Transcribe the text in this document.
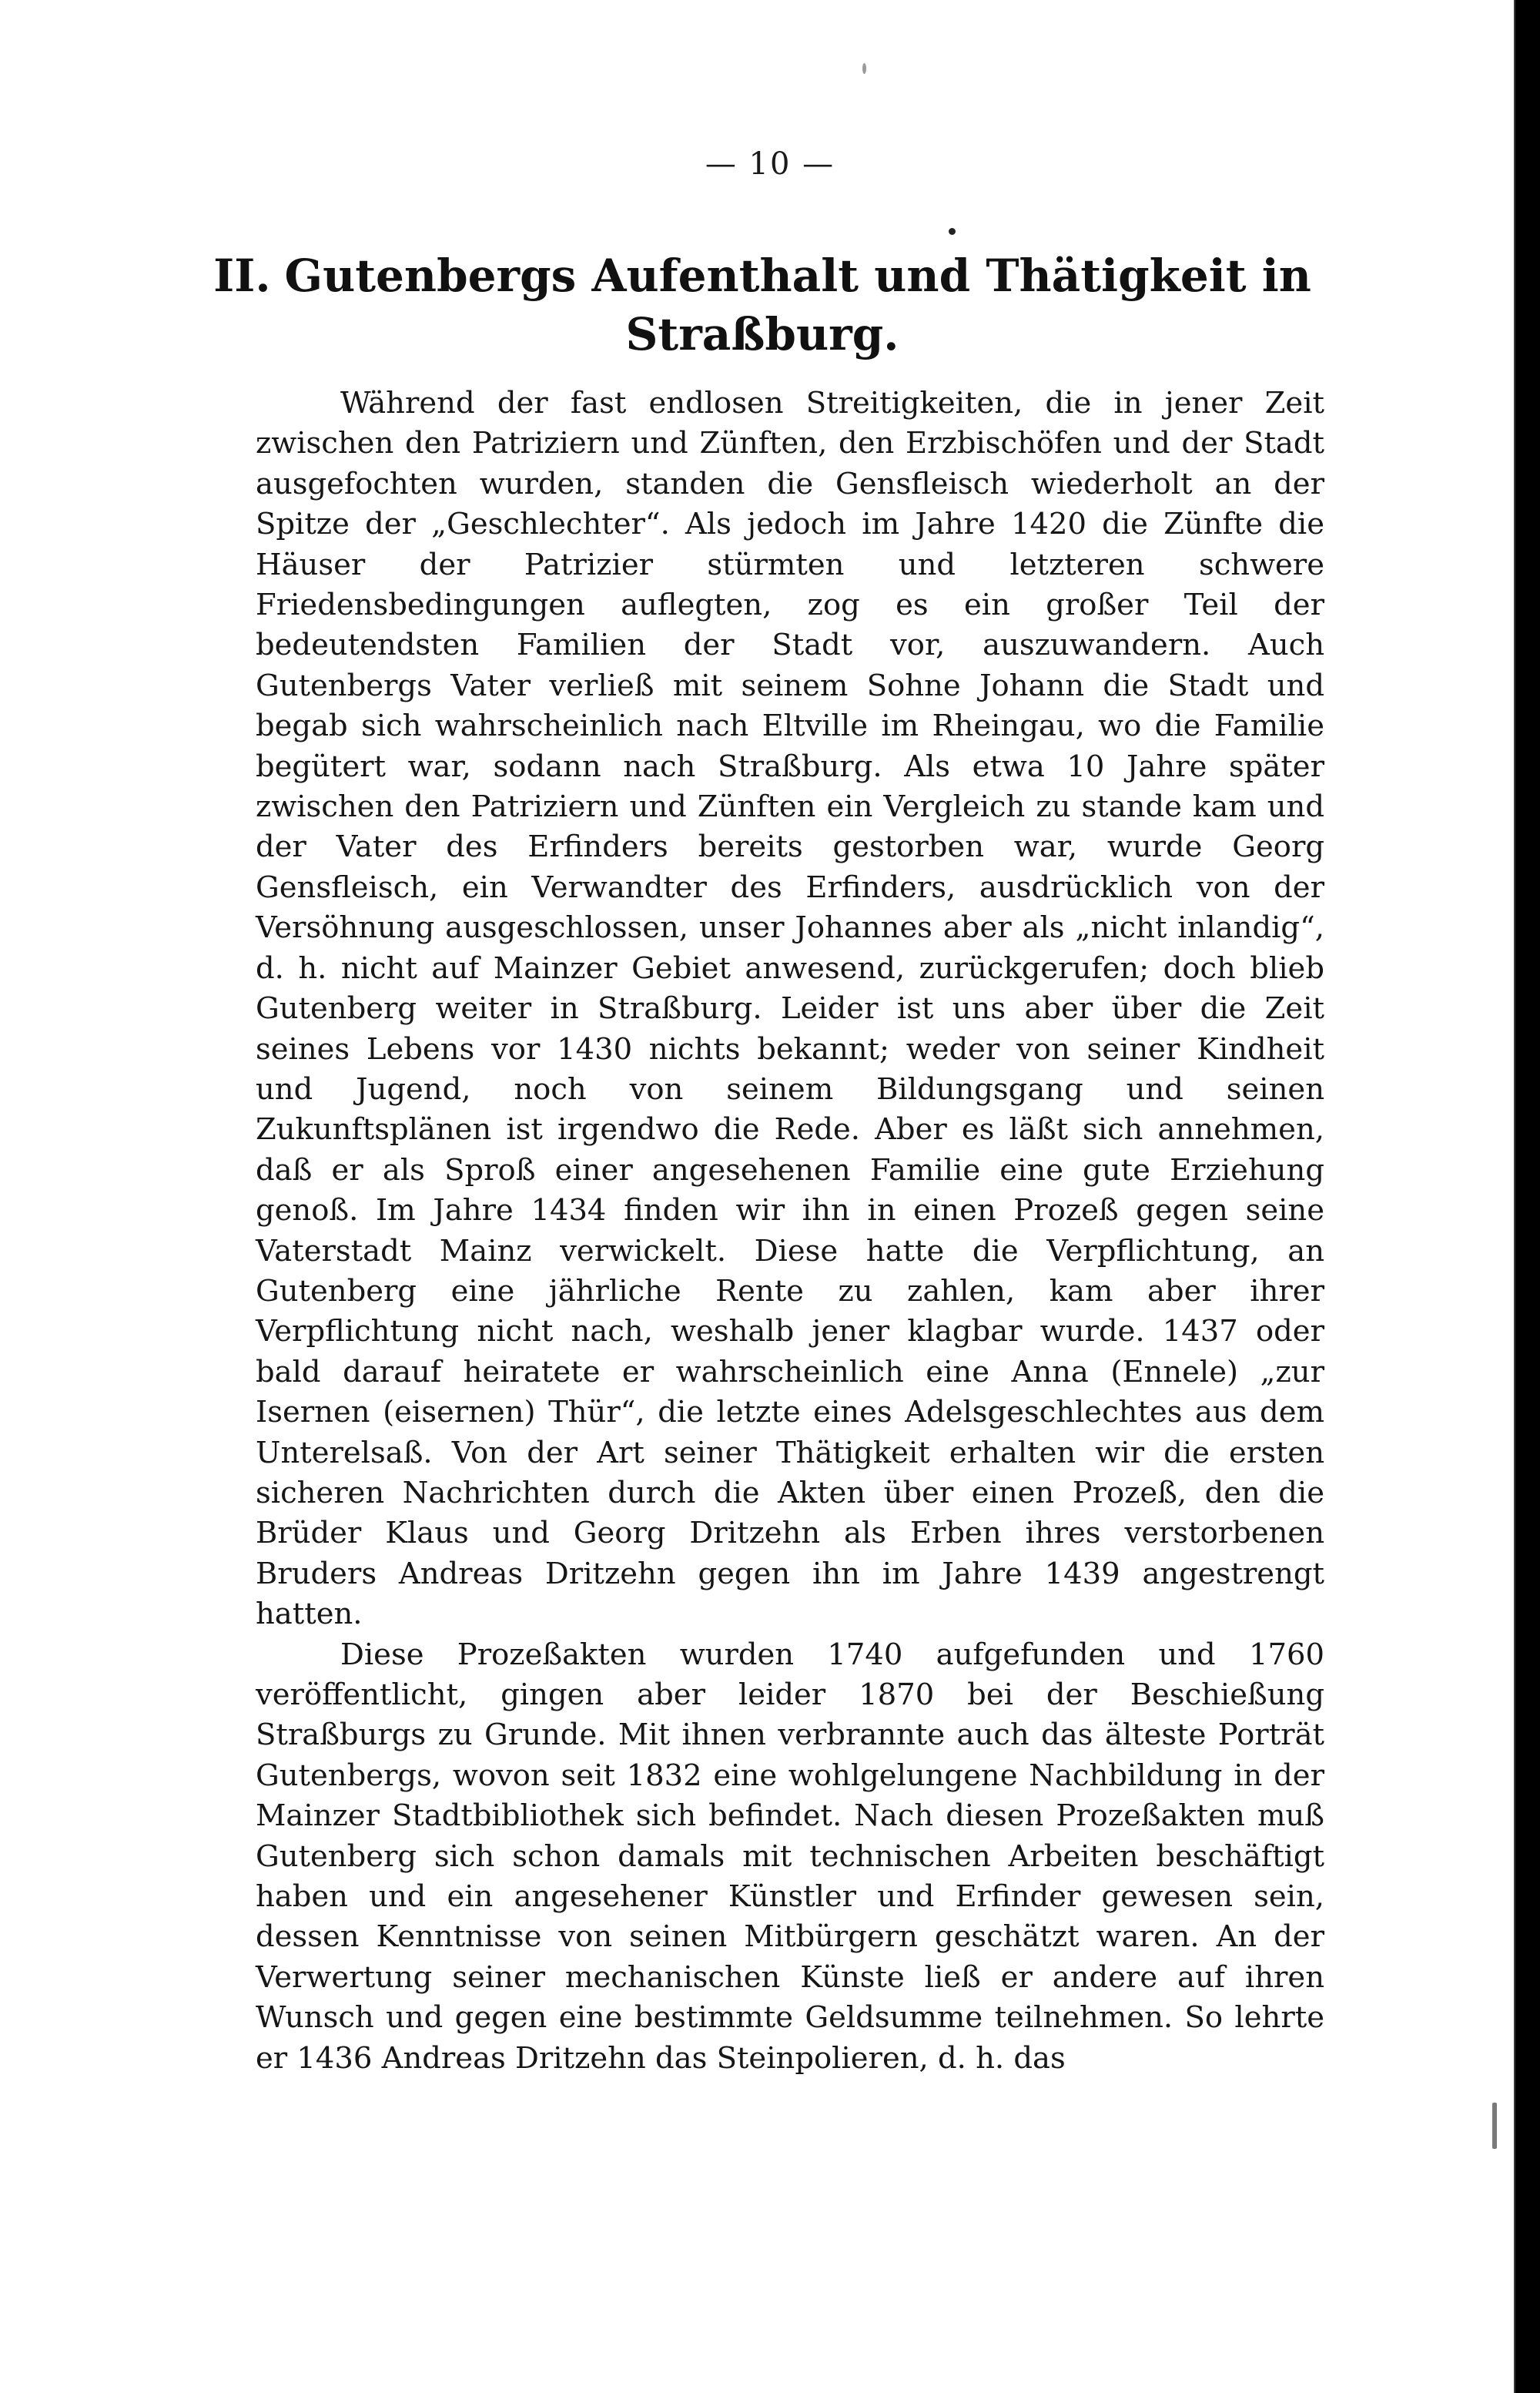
— 10 —
II. Gutenbergs Aufenthalt und Thätigkeit in Straßburg.

Während der fast endlosen Streitigkeiten, die in jener Zeit zwischen den Patriziern und Zünften, den Erzbischöfen und der Stadt ausgefochten wurden, standen die Gensfleisch wiederholt an der Spitze der „Geschlechter“. Als jedoch im Jahre 1420 die Zünfte die Häuser der Patrizier stürmten und letzteren schwere Friedensbedingungen auflegten, zog es ein großer Teil der bedeutendsten Familien der Stadt vor, auszuwandern. Auch Gutenbergs Vater verließ mit seinem Sohne Johann die Stadt und begab sich wahrscheinlich nach Eltville im Rheingau, wo die Familie begütert war, sodann nach Straßburg. Als etwa 10 Jahre später zwischen den Patriziern und Zünften ein Vergleich zu stande kam und der Vater des Erfinders bereits gestorben war, wurde Georg Gensfleisch, ein Verwandter des Erfinders, ausdrücklich von der Versöhnung ausgeschlossen, unser Johannes aber als „nicht inlandig“, d. h. nicht auf Mainzer Gebiet anwesend, zurückgerufen; doch blieb Gutenberg weiter in Straßburg. Leider ist uns aber über die Zeit seines Lebens vor 1430 nichts bekannt; weder von seiner Kindheit und Jugend, noch von seinem Bildungsgang und seinen Zukunftsplänen ist irgendwo die Rede. Aber es läßt sich annehmen, daß er als Sproß einer angesehenen Familie eine gute Erziehung genoß. Im Jahre 1434 finden wir ihn in einen Prozeß gegen seine Vaterstadt Mainz verwickelt. Diese hatte die Verpflichtung, an Gutenberg eine jährliche Rente zu zahlen, kam aber ihrer Verpflichtung nicht nach, weshalb jener klagbar wurde. 1437 oder bald darauf heiratete er wahrscheinlich eine Anna (Ennele) „zur Isernen (eisernen) Thür“, die letzte eines Adelsgeschlechtes aus dem Unterelsaß. Von der Art seiner Thätigkeit erhalten wir die ersten sicheren Nachrichten durch die Akten über einen Prozeß, den die Brüder Klaus und Georg Dritzehn als Erben ihres verstorbenen Bruders Andreas Dritzehn gegen ihn im Jahre 1439 angestrengt hatten.

Diese Prozeßakten wurden 1740 aufgefunden und 1760 veröffentlicht, gingen aber leider 1870 bei der Beschießung Straßburgs zu Grunde. Mit ihnen verbrannte auch das älteste Porträt Gutenbergs, wovon seit 1832 eine wohlgelungene Nachbildung in der Mainzer Stadtbibliothek sich befindet. Nach diesen Prozeßakten muß Gutenberg sich schon damals mit technischen Arbeiten beschäftigt haben und ein angesehener Künstler und Erfinder gewesen sein, dessen Kenntnisse von seinen Mitbürgern geschätzt waren. An der Verwertung seiner mechanischen Künste ließ er andere auf ihren Wunsch und gegen eine bestimmte Geldsumme teilnehmen. So lehrte er 1436 Andreas Dritzehn das Steinpolieren, d. h. das
